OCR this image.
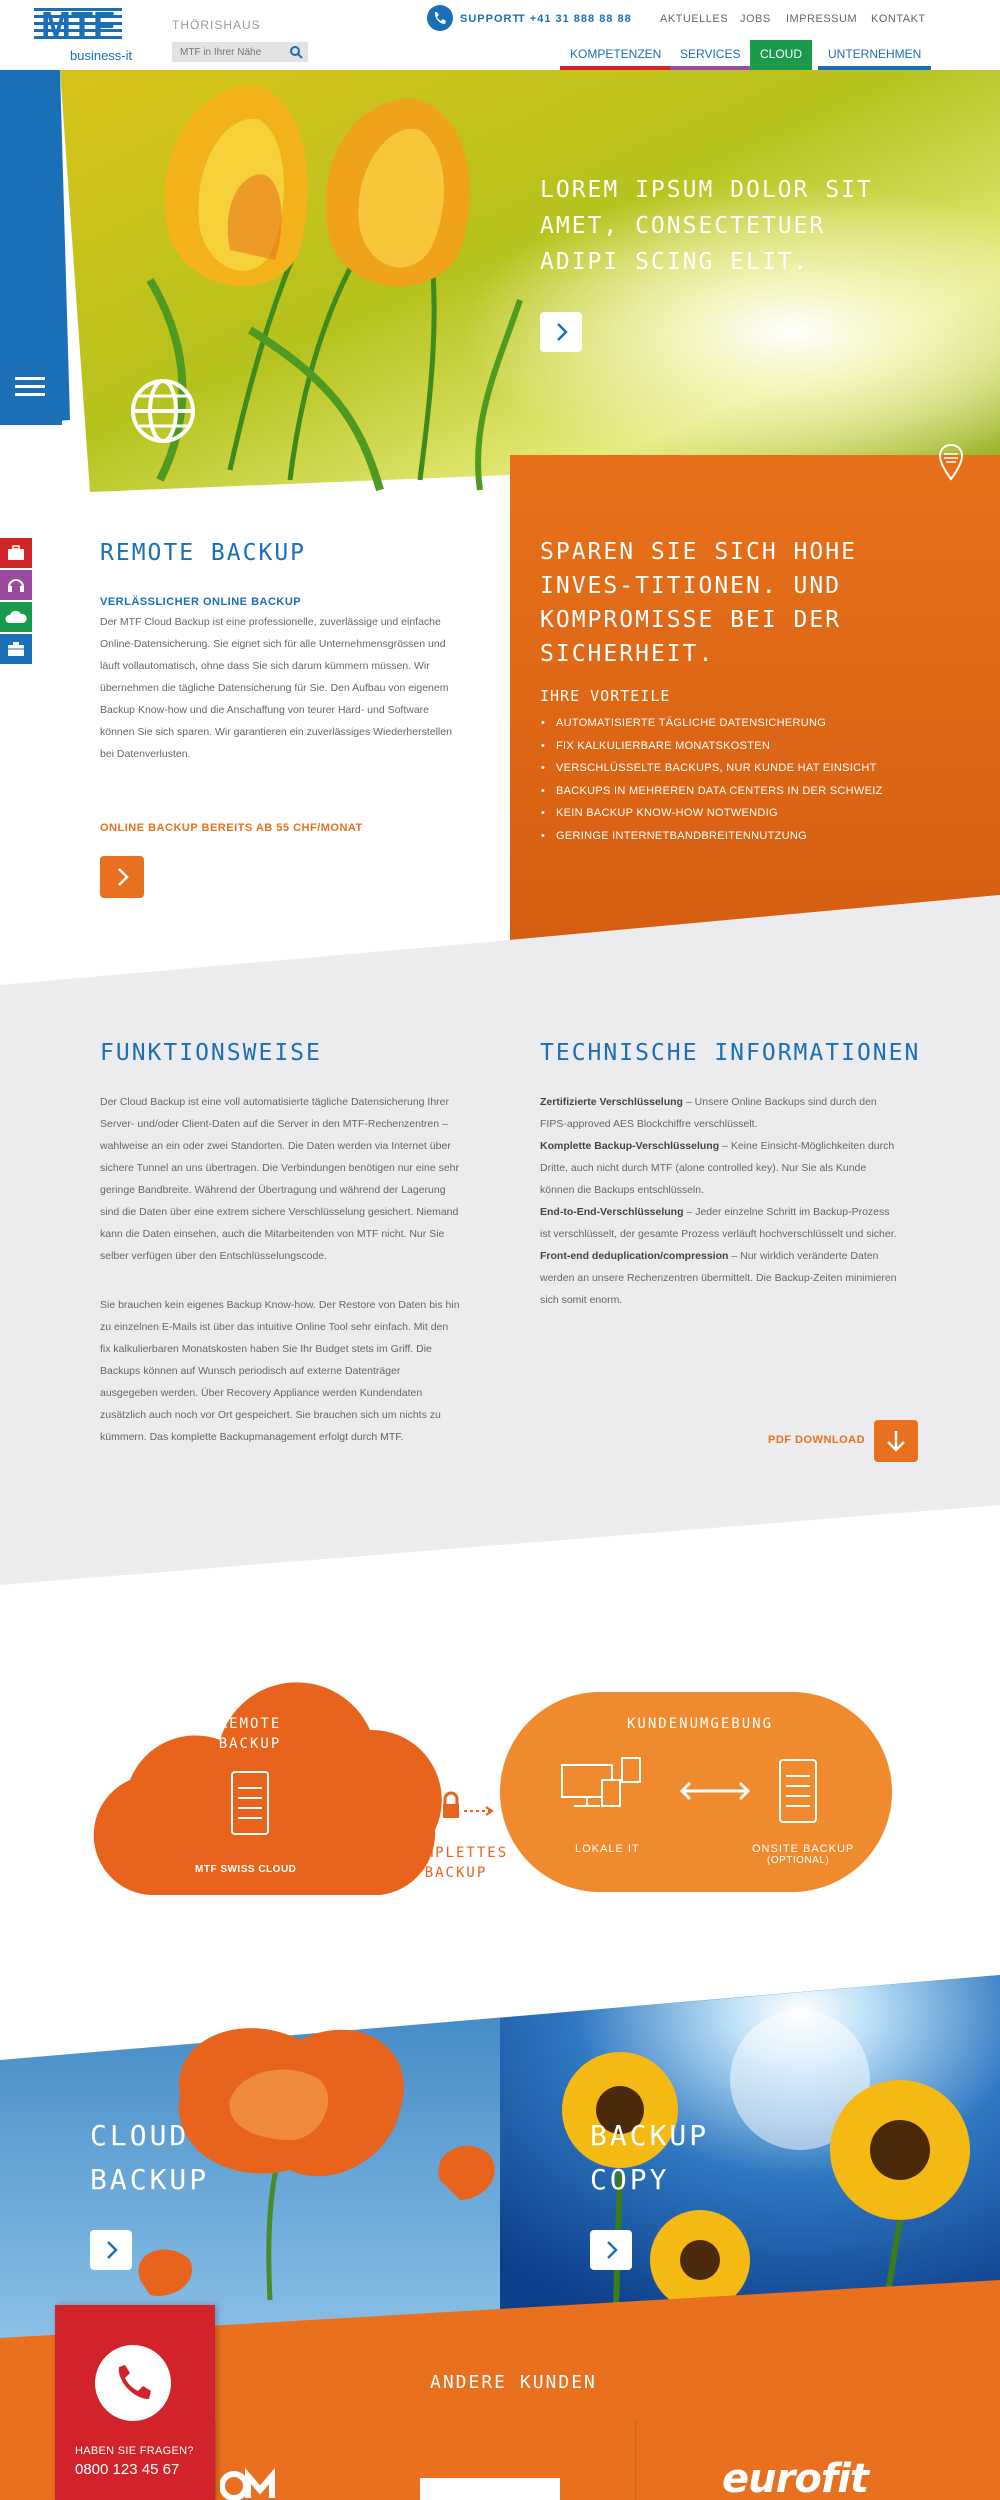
MTF
business-it
THÖRISHAUS
MTF in Ihrer Nähe	SUPPORT
T +41 31 888 88 88	AKTUELLES JOBS IMPRESSUM KONTAKT
KOMPETENZEN	SERVICES	CLOUD	UNTERNEHMEN
LOREM IPSUM DOLOR SIT AMET, CONSECTETUER ADIPI SCING ELIT.
REMOTE BACKUP
VERLÄSSLICHER ONLINE BACKUP
Der MTF Cloud Backup ist eine professionelle, zuverlässige und einfache Online-Datensicherung. Sie eignet sich für alle Unternehmensgrössen und läuft vollautomatisch, ohne dass Sie sich darum kümmern müssen. Wir übernehmen die tägliche Datensicherung für Sie. Den Aufbau von eigenem Backup Know-how und die Anschaffung von teurer Hard- und Software können Sie sich sparen. Wir garantieren ein zuverlässiges Wiederherstellen bei Datenverlusten.
ONLINE BACKUP BEREITS AB 55 CHF/MONAT
SPAREN SIE SICH HOHE INVES-TITIONEN. UND KOMPROMISSE BEI DER SICHERHEIT.
IHRE VORTEILE
• AUTOMATISIERTE TÄGLICHE DATENSICHERUNG
• FIX KALKULIERBARE MONATSKOSTEN
• VERSCHLÜSSELTE BACKUPS, NUR KUNDE HAT EINSICHT
• BACKUPS IN MEHREREN DATA CENTERS IN DER SCHWEIZ
• KEIN BACKUP KNOW-HOW NOTWENDIG
• GERINGE INTERNETBANDBREITENNUTZUNG
FUNKTIONSWEISE
Der Cloud Backup ist eine voll automatisierte tägliche Datensicherung Ihrer Server- und/oder Client-Daten auf die Server in den MTF-Rechenzentren – wahlweise an ein oder zwei Standorten. Die Daten werden via Internet über sichere Tunnel an uns übertragen. Die Verbindungen benötigen nur eine sehr geringe Bandbreite. Während der Übertragung und während der Lagerung sind die Daten über eine extrem sichere Verschlüsselung gesichert. Niemand kann die Daten einsehen, auch die Mitarbeitenden von MTF nicht. Nur Sie selber verfügen über den Entschlüsselungscode.
Sie brauchen kein eigenes Backup Know-how. Der Restore von Daten bis hin zu einzelnen E-Mails ist über das intuitive Online Tool sehr einfach. Mit den fix kalkulierbaren Monatskosten haben Sie Ihr Budget stets im Griff. Die Backups können auf Wunsch periodisch auf externe Datenträger ausgegeben werden. Über Recovery Appliance werden Kundendaten zusätzlich auch noch vor Ort gespeichert. Sie brauchen sich um nichts zu kümmern. Das komplette Backupmanagement erfolgt durch MTF.
TECHNISCHE INFORMATIONEN
Zertifizierte Verschlüsselung – Unsere Online Backups sind durch den FIPS-approved AES Blockchiffre verschlüsselt.
Komplette Backup-Verschlüsselung – Keine Einsicht-Möglichkeiten durch Dritte, auch nicht durch MTF (alone controlled key). Nur Sie als Kunde können die Backups entschlüsseln.
End-to-End-Verschlüsselung – Jeder einzelne Schritt im Backup-Prozess ist verschlüsselt, der gesamte Prozess verläuft hochverschlüsselt und sicher.
Front-end deduplication/compression – Nur wirklich veränderte Daten werden an unsere Rechenzentren übermittelt. Die Backup-Zeiten minimieren sich somit enorm.
PDF DOWNLOAD
REMOTE BACKUP
MTF SWISS CLOUD
KOMPLETTES BACKUP
KUNDENUMGEBUNG
LOKALE IT	ONSITE BACKUP
(OPTIONAL)
CLOUD BACKUP
BACKUP COPY
ANDERE KUNDEN
eurofit
HABEN SIE FRAGEN?
0800 123 45 67
